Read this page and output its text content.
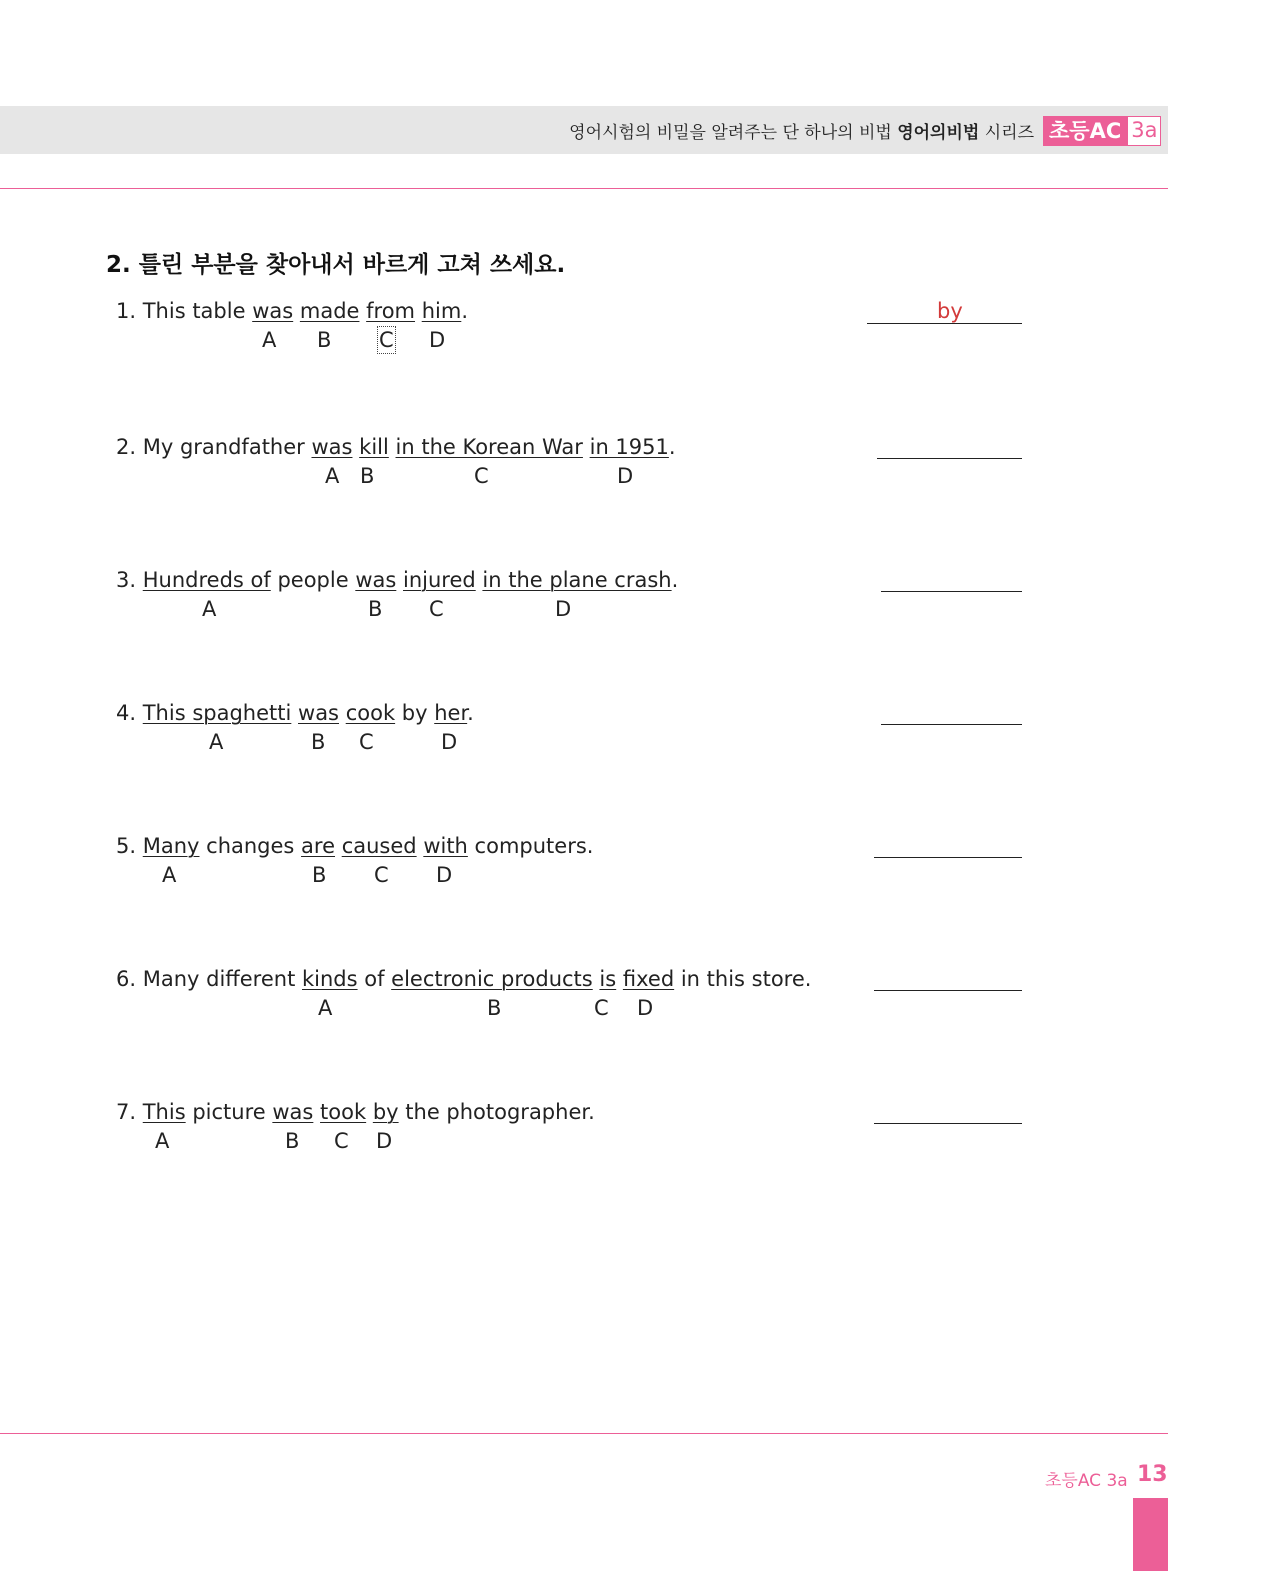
영어시험의 비밀을 알려주는 단 하나의 비법 영어의비법 시리즈 초등AC 3a
2. 틀린 부분을 찾아내서 바르게 고쳐 쓰세요.
1. This table was made from him.
A B C D
by
2. My grandfather was kill in the Korean War in 1951.
A B	C	D
3. Hundreds of people was injured in the plane crash.
A	B C	D
4. This spaghetti was cook by her.
A	B C	D
5. Many changes are caused with computers.
A	B C D
6. Many different kinds of electronic products is fixed in this store.
A	B	C D
7. This picture was took by the photographer.
A	B C D
초등AC 3a 13
